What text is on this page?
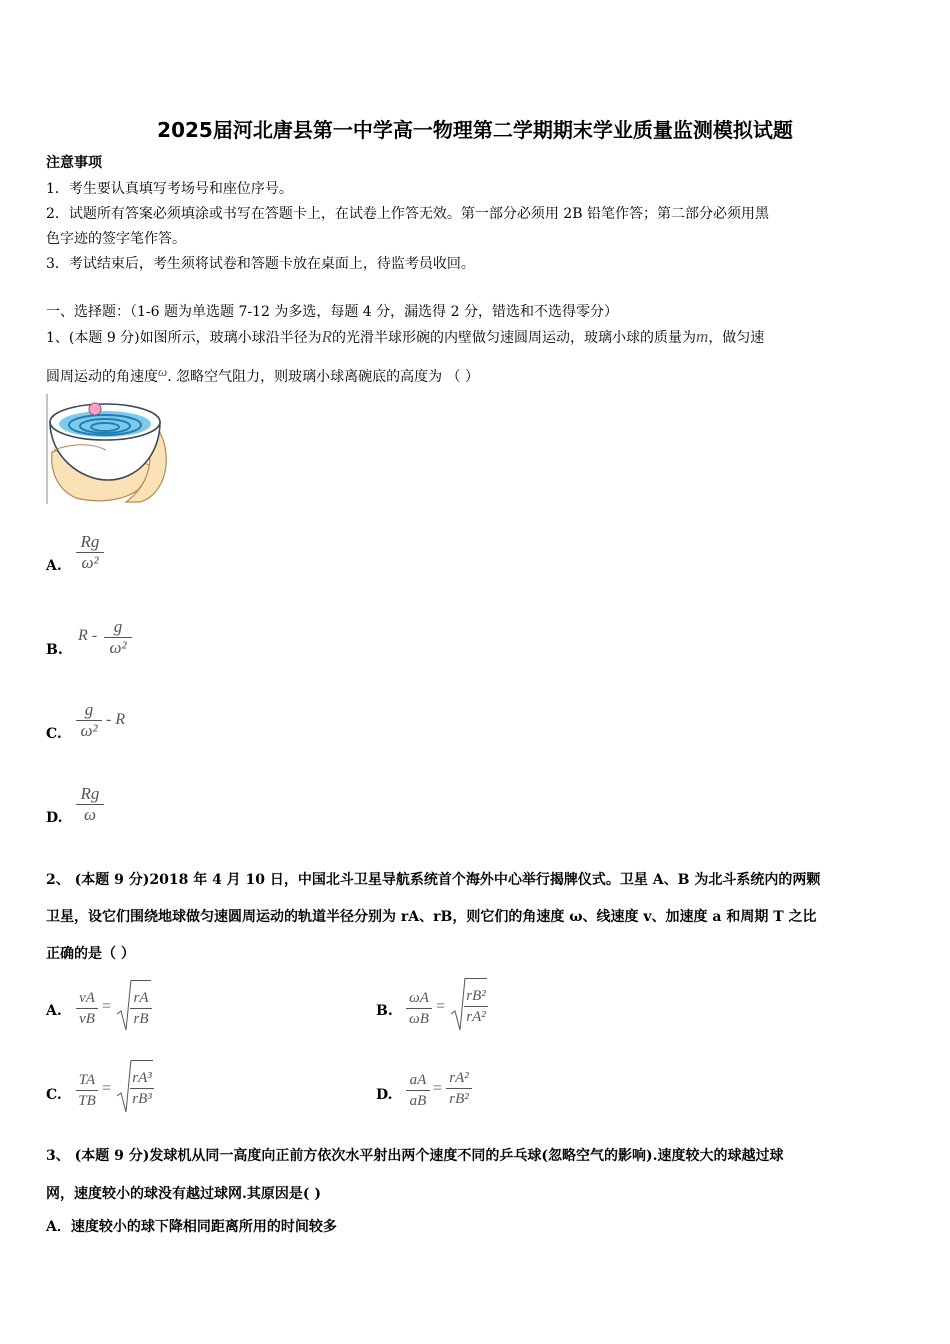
2025届河北唐县第一中学高一物理第二学期期末学业质量监测模拟试题
注意事项
1．考生要认真填写考场号和座位序号。
2．试题所有答案必须填涂或书写在答题卡上，在试卷上作答无效。第一部分必须用 2B 铅笔作答；第二部分必须用黑
色字迹的签字笔作答。
3．考试结束后，考生须将试卷和答题卡放在桌面上，待监考员收回。
一、选择题：（1-6 题为单选题 7-12 为多选，每题 4 分，漏选得 2 分，错选和不选得零分）
1、(本题 9 分)如图所示，玻璃小球沿半径为R的光滑半球形碗的内壁做匀速圆周运动，玻璃小球的质量为m，做匀速
圆周运动的角速度ω. 忽略空气阻力，则玻璃小球离碗底的高度为 （ ）
A. $\frac{Rg}{\text{ω²}}$
B.
R - $\frac{g}{\text{ω²}}$
C. $\frac{g}{\text{ω²}}$ - R
D. $\frac{Rg}{\omega}$
2、 (本题 9 分)2018 年 4 月 10 日，中国北斗卫星导航系统首个海外中心举行揭牌仪式。卫星 A、B 为北斗系统内的两颗
卫星，设它们围绕地球做匀速圆周运动的轨道半径分别为 rA、rB，则它们的角速度 ω、线速度 v、加速度 a 和周期 T 之比
正确的是（ ）
A. $\frac{vA}{vB} = \frac{rA}{rB}$	B. $\frac{\omega A}{\omega B} = \frac{\text{rB²}}{\text{rA²}}$
C. $\frac{TA}{TB} = \frac{\text{rA³}}{\text{rB³}}$	D. $\frac{aA}{aB} = \frac{\text{rA²}}{\text{rB²}}$
3、 (本题 9 分)发球机从同一高度向正前方依次水平射出两个速度不同的乒乓球(忽略空气的影响).速度较大的球越过球
网，速度较小的球没有越过球网.其原因是( )
A．速度较小的球下降相同距离所用的时间较多
